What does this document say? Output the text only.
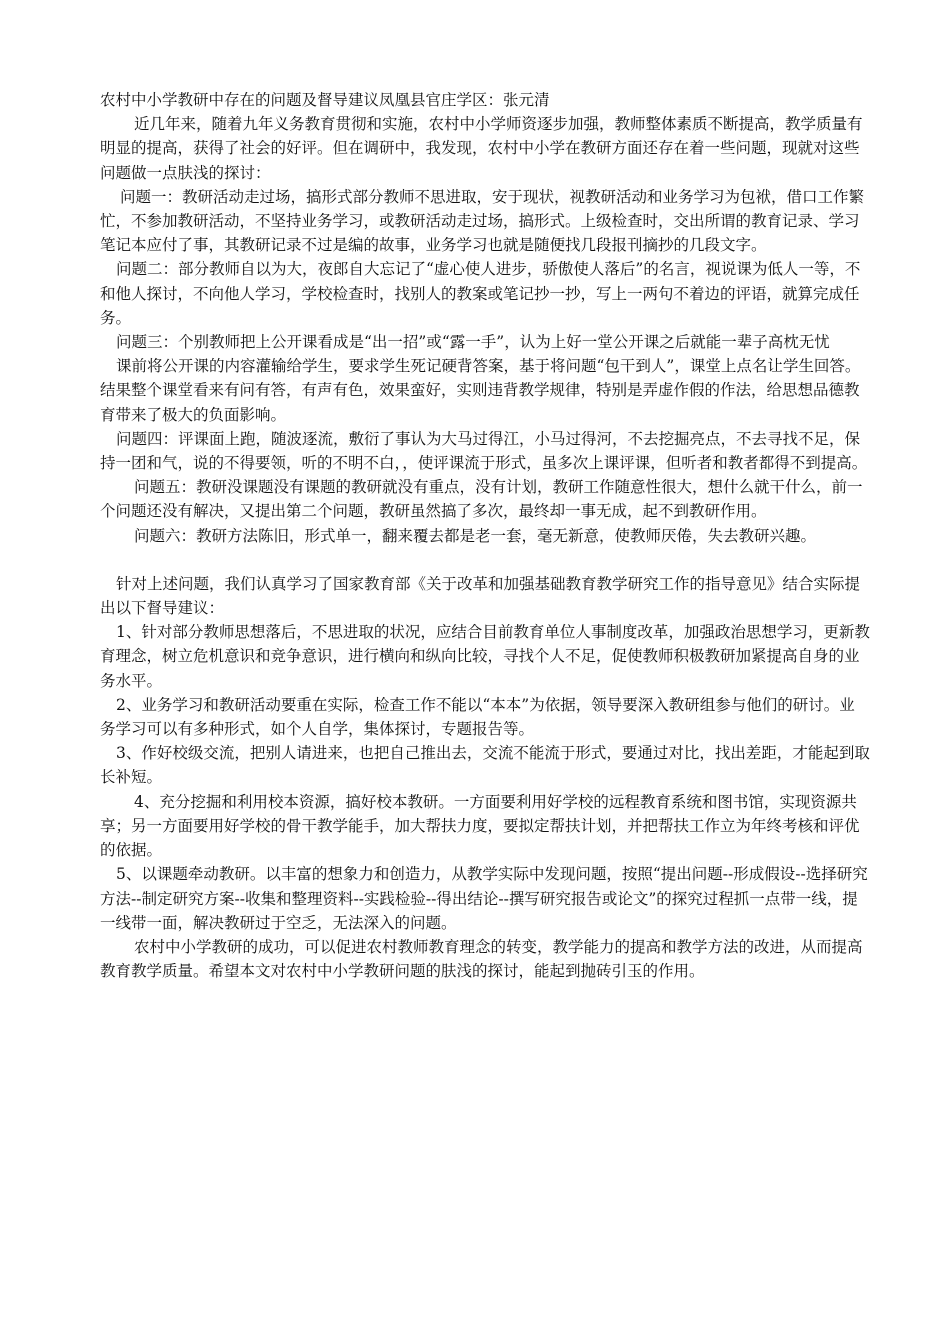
农村中小学教研中存在的问题及督导建议凤凰县官庄学区：张元清

近几年来，随着九年义务教育贯彻和实施，农村中小学师资逐步加强，教师整体素质不断提高，教学质量有明显的提高，获得了社会的好评。但在调研中，我发现，农村中小学在教研方面还存在着一些问题，现就对这些问题做一点肤浅的探讨：

问题一：教研活动走过场，搞形式部分教师不思进取，安于现状，视教研活动和业务学习为包袱，借口工作繁忙，不参加教研活动，不坚持业务学习，或教研活动走过场，搞形式。上级检查时，交出所谓的教育记录、学习笔记本应付了事，其教研记录不过是编的故事，业务学习也就是随便找几段报刊摘抄的几段文字。

问题二：部分教师自以为大，夜郎自大忘记了“虚心使人进步，骄傲使人落后”的名言，视说课为低人一等，不和他人探讨，不向他人学习，学校检查时，找别人的教案或笔记抄一抄，写上一两句不着边的评语，就算完成任务。

问题三：个别教师把上公开课看成是“出一招”或“露一手”，认为上好一堂公开课之后就能一辈子高枕无忧

课前将公开课的内容灌输给学生，要求学生死记硬背答案，基于将问题“包干到人”，课堂上点名让学生回答。结果整个课堂看来有问有答，有声有色，效果蛮好，实则违背教学规律，特别是弄虚作假的作法，给思想品德教育带来了极大的负面影响。

问题四：评课面上跑，随波逐流，敷衍了事认为大马过得江，小马过得河，不去挖掘亮点，不去寻找不足，保持一团和气，说的不得要领，听的不明不白，，使评课流于形式，虽多次上课评课，但听者和教者都得不到提高。

问题五：教研没课题没有课题的教研就没有重点，没有计划，教研工作随意性很大，想什么就干什么，前一个问题还没有解决，又提出第二个问题，教研虽然搞了多次，最终却一事无成，起不到教研作用。

问题六：教研方法陈旧，形式单一，翻来覆去都是老一套，毫无新意，使教师厌倦，失去教研兴趣。

针对上述问题，我们认真学习了国家教育部《关于改革和加强基础教育教学研究工作的指导意见》结合实际提出以下督导建议：

1、针对部分教师思想落后，不思进取的状况，应结合目前教育单位人事制度改革，加强政治思想学习，更新教育理念，树立危机意识和竞争意识，进行横向和纵向比较，寻找个人不足，促使教师积极教研加紧提高自身的业务水平。

2、业务学习和教研活动要重在实际，检查工作不能以“本本”为依据，领导要深入教研组参与他们的研讨。业务学习可以有多种形式，如个人自学，集体探讨，专题报告等。

3、作好校级交流，把别人请进来，也把自己推出去，交流不能流于形式，要通过对比，找出差距，才能起到取长补短。

4、充分挖掘和利用校本资源，搞好校本教研。一方面要利用好学校的远程教育系统和图书馆，实现资源共享；另一方面要用好学校的骨干教学能手，加大帮扶力度，要拟定帮扶计划，并把帮扶工作立为年终考核和评优的依据。

5、以课题牵动教研。以丰富的想象力和创造力，从教学实际中发现问题，按照“提出问题--形成假设--选择研究方法--制定研究方案--收集和整理资料--实践检验--得出结论--撰写研究报告或论文”的探究过程抓一点带一线，提一线带一面，解决教研过于空乏，无法深入的问题。

农村中小学教研的成功，可以促进农村教师教育理念的转变，教学能力的提高和教学方法的改进，从而提高教育教学质量。希望本文对农村中小学教研问题的肤浅的探讨，能起到抛砖引玉的作用。
